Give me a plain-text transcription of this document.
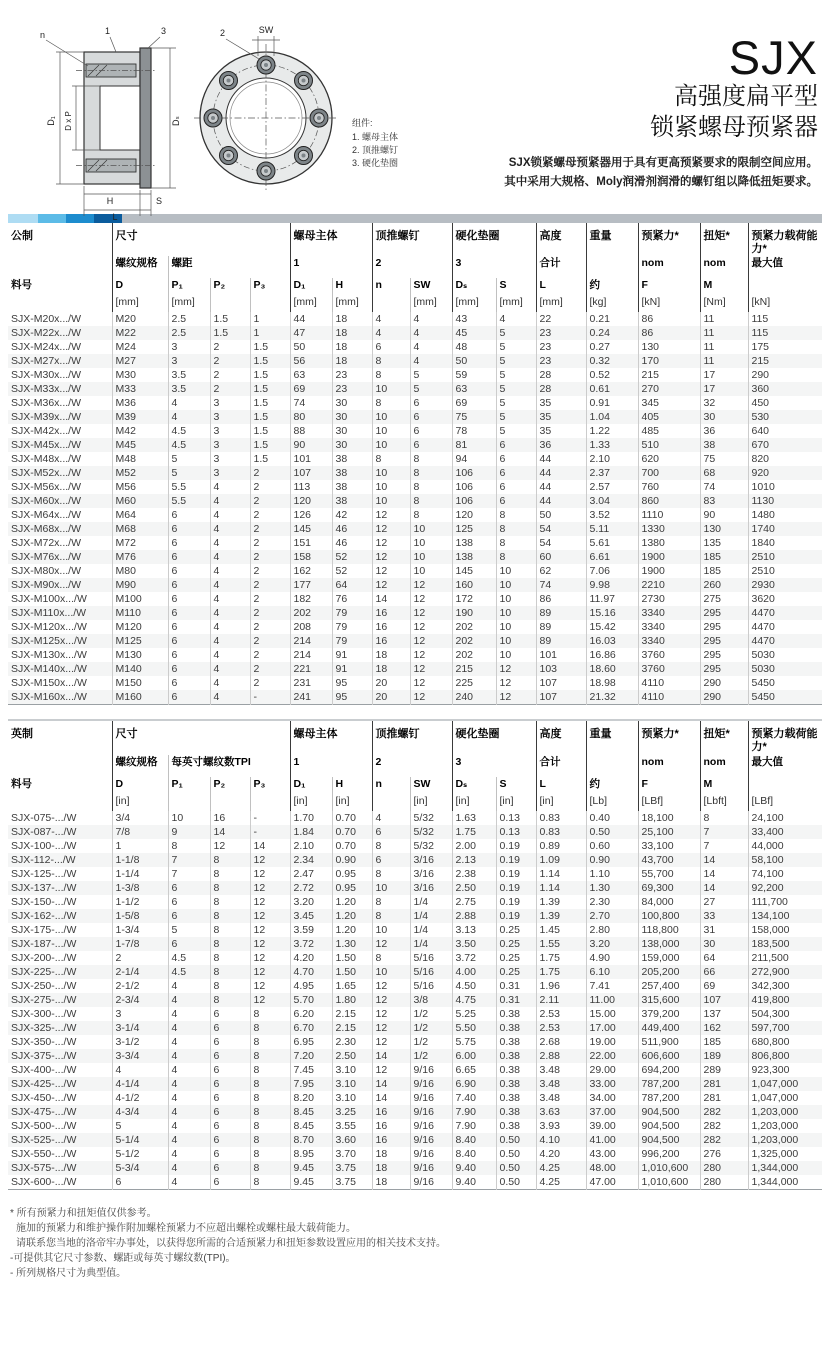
n	1	3
D₁ D x P	Dₛ
H	S
L
SW
2
组件:
1. 螺母主体
2. 顶推螺钉
3. 硬化垫圈
SJX
高强度扁平型
锁紧螺母预紧器
SJX锁紧螺母预紧器用于具有更高预紧要求的限制空间应用。
其中采用大规格、Moly润滑剂润滑的螺钉组以降低扭矩要求。
公制	尺寸				螺母主体		顶推螺钉		硬化垫圈		高度	重量	预紧力*	扭矩*	预紧力载荷能力*
	螺纹规格	螺距			1		2		3		合计		nom	nom	最大值
料号	D	P₁	P₂	P₃	D₁	H	n	SW	Dₛ	S	L	约	F	M	
	[mm]	[mm]			[mm]	[mm]		[mm]	[mm]	[mm]	[mm]	[kg]	[kN]	[Nm]	[kN]
SJX-M20x.../W	M20	2.5	1.5	1	44	18	4	4	43	4	22	0.21	86	11	115
SJX-M22x.../W	M22	2.5	1.5	1	47	18	4	4	45	5	23	0.24	86	11	115
SJX-M24x.../W	M24	3	2	1.5	50	18	6	4	48	5	23	0.27	130	11	175
SJX-M27x.../W	M27	3	2	1.5	56	18	8	4	50	5	23	0.32	170	11	215
SJX-M30x.../W	M30	3.5	2	1.5	63	23	8	5	59	5	28	0.52	215	17	290
SJX-M33x.../W	M33	3.5	2	1.5	69	23	10	5	63	5	28	0.61	270	17	360
SJX-M36x.../W	M36	4	3	1.5	74	30	8	6	69	5	35	0.91	345	32	450
SJX-M39x.../W	M39	4	3	1.5	80	30	10	6	75	5	35	1.04	405	30	530
SJX-M42x.../W	M42	4.5	3	1.5	88	30	10	6	78	5	35	1.22	485	36	640
SJX-M45x.../W	M45	4.5	3	1.5	90	30	10	6	81	6	36	1.33	510	38	670
SJX-M48x.../W	M48	5	3	1.5	101	38	8	8	94	6	44	2.10	620	75	820
SJX-M52x.../W	M52	5	3	2	107	38	10	8	106	6	44	2.37	700	68	920
SJX-M56x.../W	M56	5.5	4	2	113	38	10	8	106	6	44	2.57	760	74	1010
SJX-M60x.../W	M60	5.5	4	2	120	38	10	8	106	6	44	3.04	860	83	1130
SJX-M64x.../W	M64	6	4	2	126	42	12	8	120	8	50	3.52	1110	90	1480
SJX-M68x.../W	M68	6	4	2	145	46	12	10	125	8	54	5.11	1330	130	1740
SJX-M72x.../W	M72	6	4	2	151	46	12	10	138	8	54	5.61	1380	135	1840
SJX-M76x.../W	M76	6	4	2	158	52	12	10	138	8	60	6.61	1900	185	2510
SJX-M80x.../W	M80	6	4	2	162	52	12	10	145	10	62	7.06	1900	185	2510
SJX-M90x.../W	M90	6	4	2	177	64	12	12	160	10	74	9.98	2210	260	2930
SJX-M100x.../W	M100	6	4	2	182	76	14	12	172	10	86	11.97	2730	275	3620
SJX-M110x.../W	M110	6	4	2	202	79	16	12	190	10	89	15.16	3340	295	4470
SJX-M120x.../W	M120	6	4	2	208	79	16	12	202	10	89	15.42	3340	295	4470
SJX-M125x.../W	M125	6	4	2	214	79	16	12	202	10	89	16.03	3340	295	4470
SJX-M130x.../W	M130	6	4	2	214	91	18	12	202	10	101	16.86	3760	295	5030
SJX-M140x.../W	M140	6	4	2	221	91	18	12	215	12	103	18.60	3760	295	5030
SJX-M150x.../W	M150	6	4	2	231	95	20	12	225	12	107	18.98	4110	290	5450
SJX-M160x.../W	M160	6	4	-	241	95	20	12	240	12	107	21.32	4110	290	5450
英制	尺寸				螺母主体		顶推螺钉		硬化垫圈		高度	重量	预紧力*	扭矩*	预紧力载荷能力*
	螺纹规格	每英寸螺纹数TPI			1		2		3		合计		nom	nom	最大值
料号	D	P₁	P₂	P₃	D₁	H	n	SW	Dₛ	S	L	约	F	M	
	[in]				[in]	[in]		[in]	[in]	[in]	[in]	[Lb]	[LBf]	[Lbft]	[LBf]
SJX-075-.../W	3/4	10	16	-	1.70	0.70	4	5/32	1.63	0.13	0.83	0.40	18,100	8	24,100
SJX-087-.../W	7/8	9	14	-	1.84	0.70	6	5/32	1.75	0.13	0.83	0.50	25,100	7	33,400
SJX-100-.../W	1	8	12	14	2.10	0.70	8	5/32	2.00	0.19	0.89	0.60	33,100	7	44,000
SJX-112-.../W	1-1/8	7	8	12	2.34	0.90	6	3/16	2.13	0.19	1.09	0.90	43,700	14	58,100
SJX-125-.../W	1-1/4	7	8	12	2.47	0.95	8	3/16	2.38	0.19	1.14	1.10	55,700	14	74,100
SJX-137-.../W	1-3/8	6	8	12	2.72	0.95	10	3/16	2.50	0.19	1.14	1.30	69,300	14	92,200
SJX-150-.../W	1-1/2	6	8	12	3.20	1.20	8	1/4	2.75	0.19	1.39	2.30	84,000	27	111,700
SJX-162-.../W	1-5/8	6	8	12	3.45	1.20	8	1/4	2.88	0.19	1.39	2.70	100,800	33	134,100
SJX-175-.../W	1-3/4	5	8	12	3.59	1.20	10	1/4	3.13	0.25	1.45	2.80	118,800	31	158,000
SJX-187-.../W	1-7/8	6	8	12	3.72	1.30	12	1/4	3.50	0.25	1.55	3.20	138,000	30	183,500
SJX-200-.../W	2	4.5	8	12	4.20	1.50	8	5/16	3.72	0.25	1.75	4.90	159,000	64	211,500
SJX-225-.../W	2-1/4	4.5	8	12	4.70	1.50	10	5/16	4.00	0.25	1.75	6.10	205,200	66	272,900
SJX-250-.../W	2-1/2	4	8	12	4.95	1.65	12	5/16	4.50	0.31	1.96	7.41	257,400	69	342,300
SJX-275-.../W	2-3/4	4	8	12	5.70	1.80	12	3/8	4.75	0.31	2.11	11.00	315,600	107	419,800
SJX-300-.../W	3	4	6	8	6.20	2.15	12	1/2	5.25	0.38	2.53	15.00	379,200	137	504,300
SJX-325-.../W	3-1/4	4	6	8	6.70	2.15	12	1/2	5.50	0.38	2.53	17.00	449,400	162	597,700
SJX-350-.../W	3-1/2	4	6	8	6.95	2.30	12	1/2	5.75	0.38	2.68	19.00	511,900	185	680,800
SJX-375-.../W	3-3/4	4	6	8	7.20	2.50	14	1/2	6.00	0.38	2.88	22.00	606,600	189	806,800
SJX-400-.../W	4	4	6	8	7.45	3.10	12	9/16	6.65	0.38	3.48	29.00	694,200	289	923,300
SJX-425-.../W	4-1/4	4	6	8	7.95	3.10	14	9/16	6.90	0.38	3.48	33.00	787,200	281	1,047,000
SJX-450-.../W	4-1/2	4	6	8	8.20	3.10	14	9/16	7.40	0.38	3.48	34.00	787,200	281	1,047,000
SJX-475-.../W	4-3/4	4	6	8	8.45	3.25	16	9/16	7.90	0.38	3.63	37.00	904,500	282	1,203,000
SJX-500-.../W	5	4	6	8	8.45	3.55	16	9/16	7.90	0.38	3.93	39.00	904,500	282	1,203,000
SJX-525-.../W	5-1/4	4	6	8	8.70	3.60	16	9/16	8.40	0.50	4.10	41.00	904,500	282	1,203,000
SJX-550-.../W	5-1/2	4	6	8	8.95	3.70	18	9/16	8.40	0.50	4.20	43.00	996,200	276	1,325,000
SJX-575-.../W	5-3/4	4	6	8	9.45	3.75	18	9/16	9.40	0.50	4.25	48.00	1,010,600	280	1,344,000
SJX-600-.../W	6	4	6	8	9.45	3.75	18	9/16	9.40	0.50	4.25	47.00	1,010,600	280	1,344,000
* 所有预紧力和扭矩值仅供参考。
施加的预紧力和维护操作附加螺栓预紧力不应超出螺栓或螺柱最大载荷能力。
请联系您当地的洛帝牢办事处，以获得您所需的合适预紧力和扭矩参数设置应用的相关技术支持。
-可提供其它尺寸参数、螺距或每英寸螺纹数(TPI)。
- 所列规格尺寸为典型值。
